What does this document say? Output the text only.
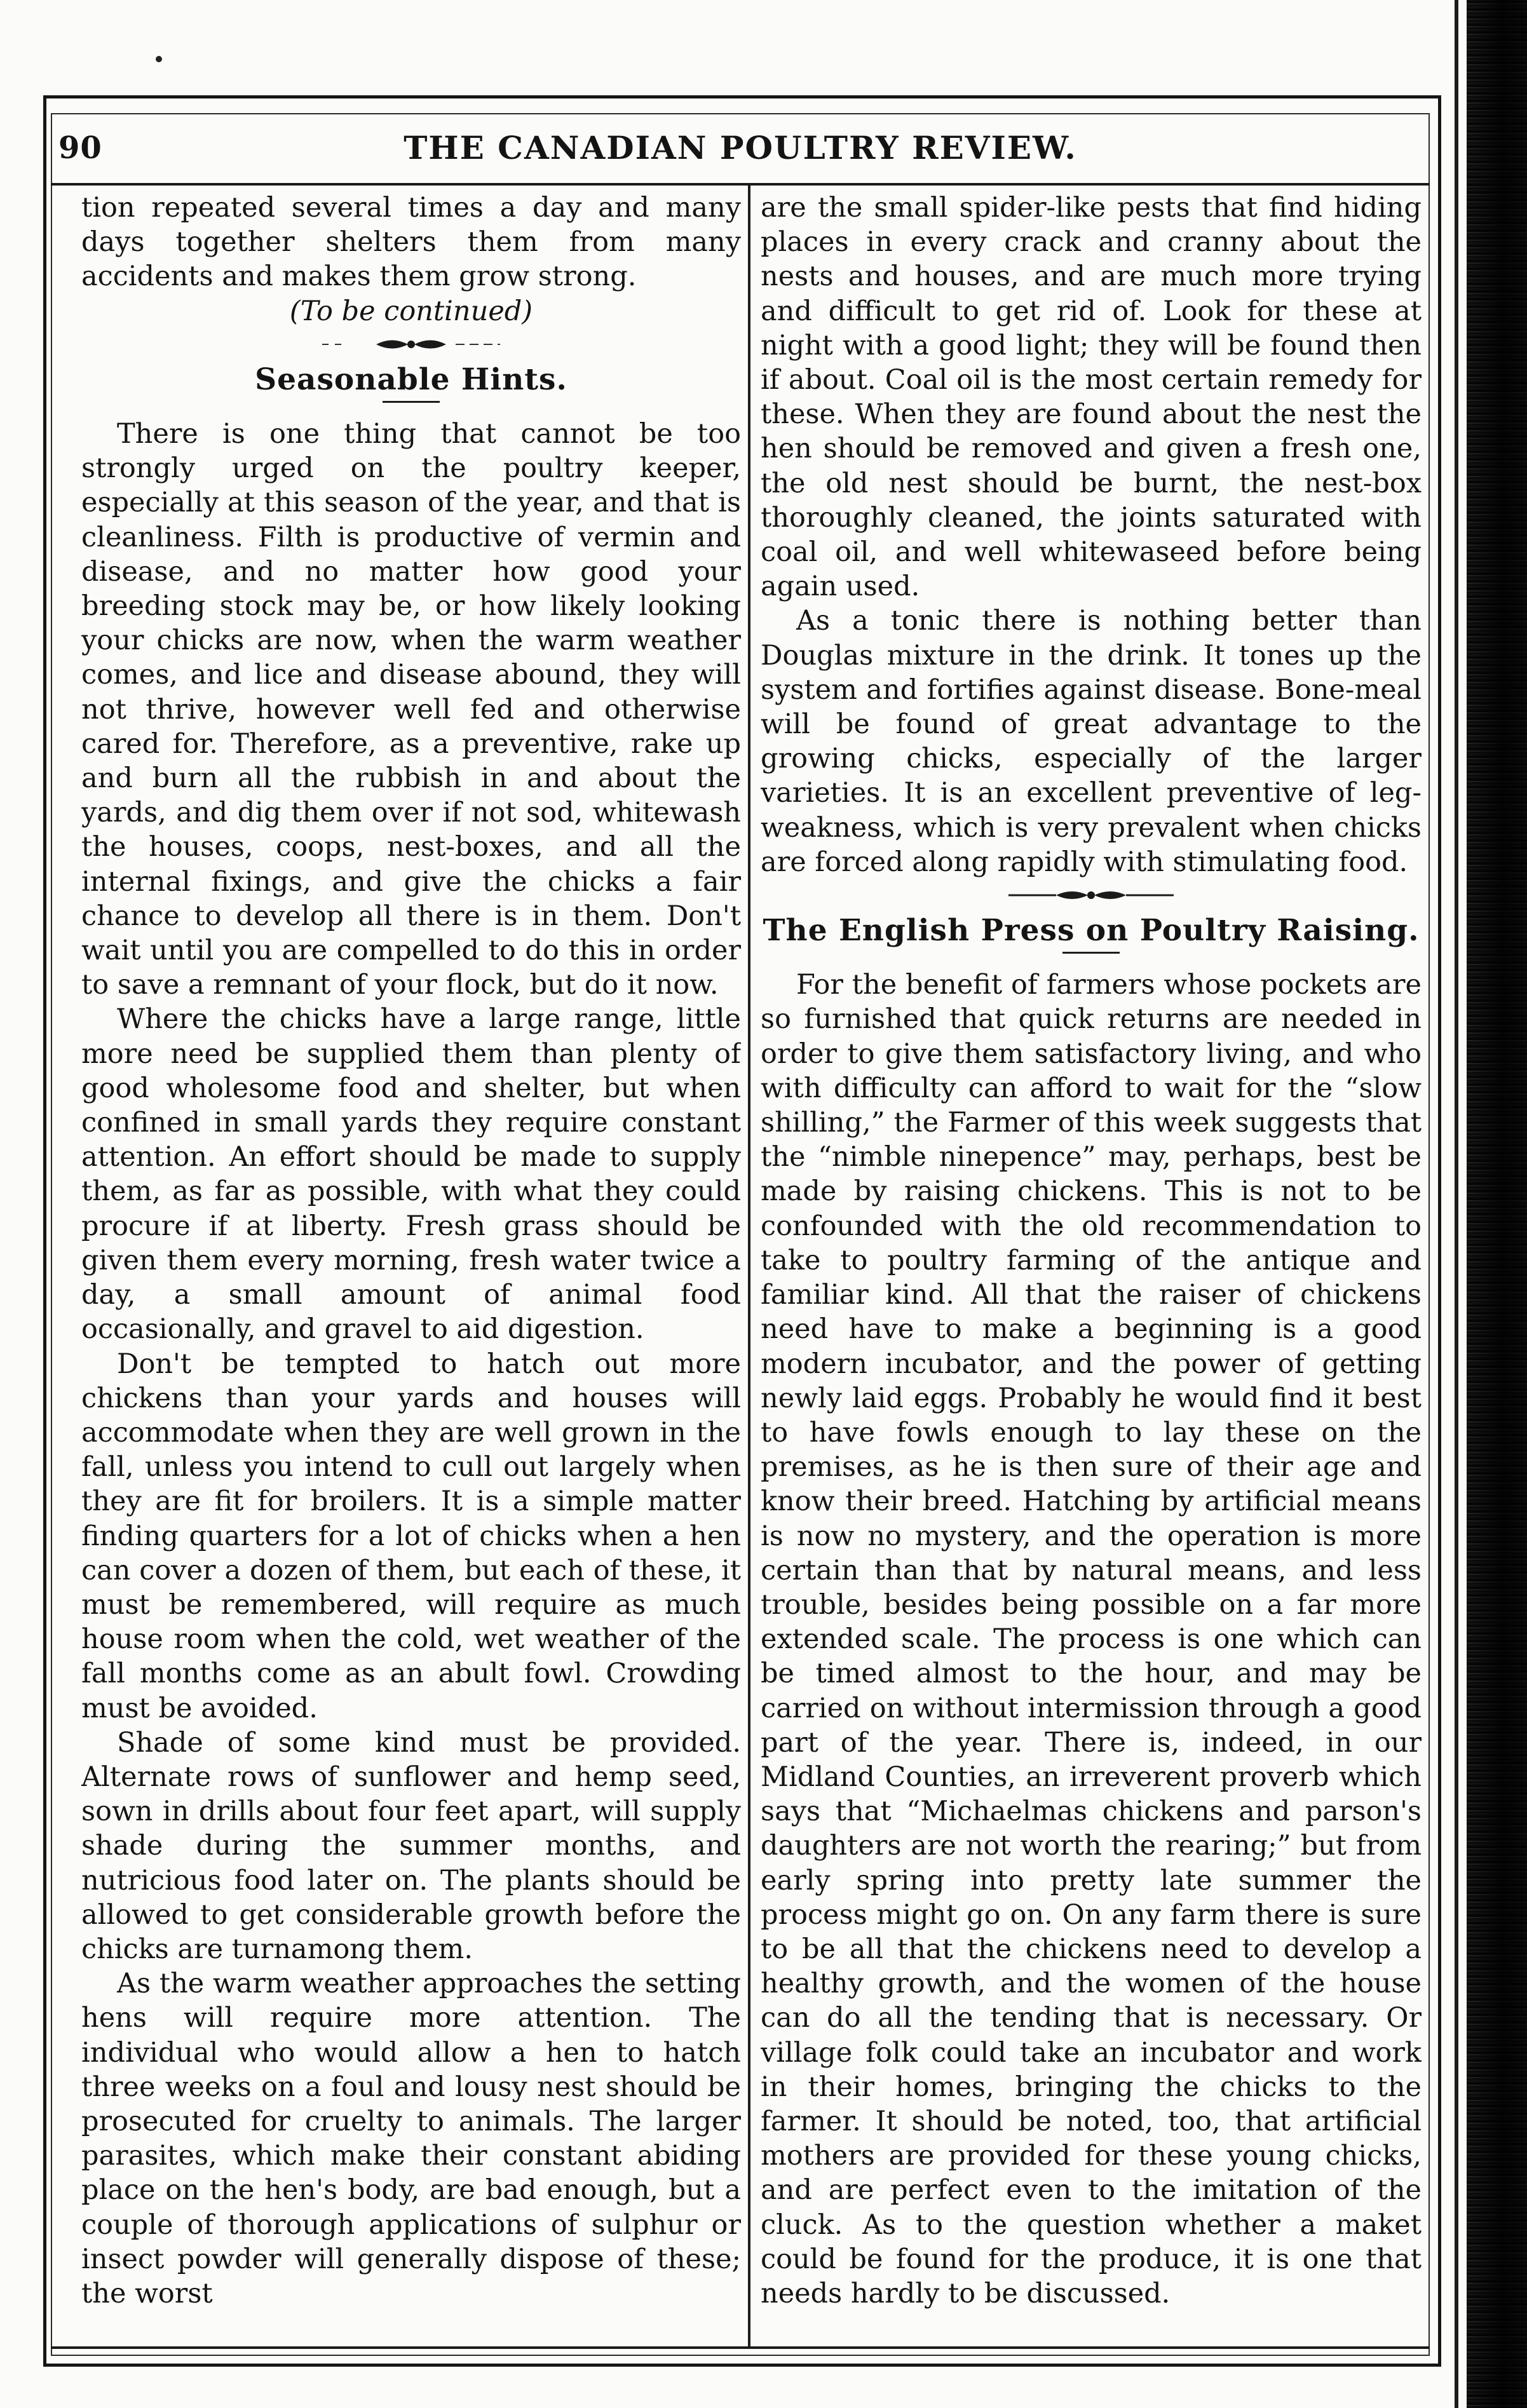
90	THE CANADIAN POULTRY REVIEW.

tion repeated several times a day and many days together shelters them from many accidents and makes them grow strong.

(To be continued)

Seasonable Hints.

There is one thing that cannot be too strongly urged on the poultry keeper, especially at this season of the year, and that is cleanliness. Filth is productive of vermin and disease, and no matter how good your breeding stock may be, or how likely looking your chicks are now, when the warm weather comes, and lice and disease abound, they will not thrive, however well fed and otherwise cared for. Therefore, as a preventive, rake up and burn all the rubbish in and about the yards, and dig them over if not sod, whitewash the houses, coops, nest-boxes, and all the internal fixings, and give the chicks a fair chance to develop all there is in them. Don't wait until you are compelled to do this in order to save a remnant of your flock, but do it now.

Where the chicks have a large range, little more need be supplied them than plenty of good wholesome food and shelter, but when confined in small yards they require constant attention. An effort should be made to supply them, as far as possible, with what they could procure if at liberty. Fresh grass should be given them every morning, fresh water twice a day, a small amount of animal food occasionally, and gravel to aid digestion.

Don't be tempted to hatch out more chickens than your yards and houses will accommodate when they are well grown in the fall, unless you intend to cull out largely when they are fit for broilers. It is a simple matter finding quarters for a lot of chicks when a hen can cover a dozen of them, but each of these, it must be remembered, will require as much house room when the cold, wet weather of the fall months come as an abult fowl. Crowding must be avoided.

Shade of some kind must be provided. Alternate rows of sunflower and hemp seed, sown in drills about four feet apart, will supply shade during the summer months, and nutricious food later on. The plants should be allowed to get considerable growth before the chicks are turnamong them.

As the warm weather approaches the setting hens will require more attention. The individual who would allow a hen to hatch three weeks on a foul and lousy nest should be prosecuted for cruelty to animals. The larger parasites, which make their constant abiding place on the hen's body, are bad enough, but a couple of thorough applications of sulphur or insect powder will generally dispose of these; the worst

are the small spider-like pests that find hiding places in every crack and cranny about the nests and houses, and are much more trying and difficult to get rid of. Look for these at night with a good light; they will be found then if about. Coal oil is the most certain remedy for these. When they are found about the nest the hen should be removed and given a fresh one, the old nest should be burnt, the nest-box thoroughly cleaned, the joints saturated with coal oil, and well whitewaseed before being again used.

As a tonic there is nothing better than Douglas mixture in the drink. It tones up the system and fortifies against disease. Bone-meal will be found of great advantage to the growing chicks, especially of the larger varieties. It is an excellent preventive of leg-weakness, which is very prevalent when chicks are forced along rapidly with stimulating food.

The English Press on Poultry Raising.

For the benefit of farmers whose pockets are so furnished that quick returns are needed in order to give them satisfactory living, and who with difficulty can afford to wait for the “slow shilling,” the Farmer of this week suggests that the “nimble ninepence” may, perhaps, best be made by raising chickens. This is not to be confounded with the old recommendation to take to poultry farming of the antique and familiar kind. All that the raiser of chickens need have to make a beginning is a good modern incubator, and the power of getting newly laid eggs. Probably he would find it best to have fowls enough to lay these on the premises, as he is then sure of their age and know their breed. Hatching by artificial means is now no mystery, and the operation is more certain than that by natural means, and less trouble, besides being possible on a far more extended scale. The process is one which can be timed almost to the hour, and may be carried on without intermission through a good part of the year. There is, indeed, in our Midland Counties, an irreverent proverb which says that “Michaelmas chickens and parson's daughters are not worth the rearing;” but from early spring into pretty late summer the process might go on. On any farm there is sure to be all that the chickens need to develop a healthy growth, and the women of the house can do all the tending that is necessary. Or village folk could take an incubator and work in their homes, bringing the chicks to the farmer. It should be noted, too, that artificial mothers are provided for these young chicks, and are perfect even to the imitation of the cluck. As to the question whether a maket could be found for the produce, it is one that needs hardly to be discussed.
